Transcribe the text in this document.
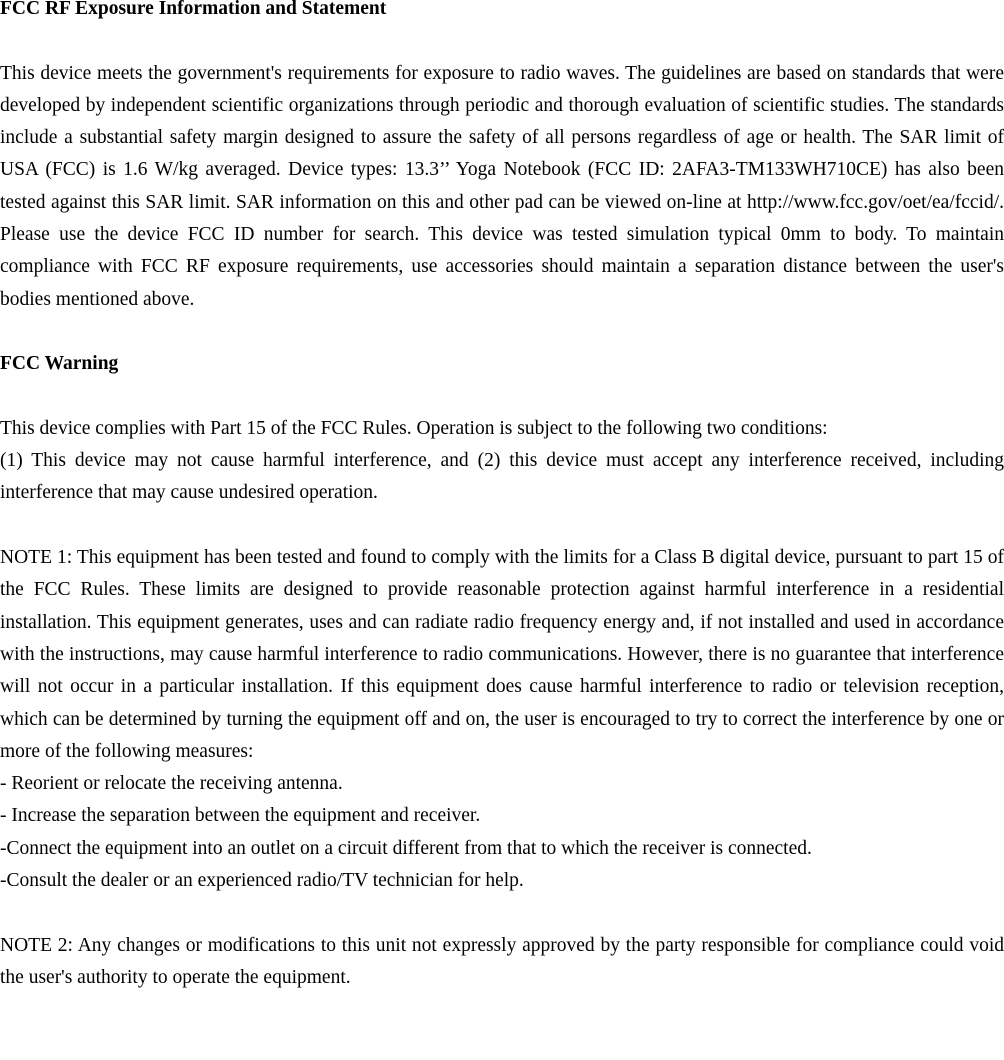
FCC RF Exposure Information and Statement

This device meets the government's requirements for exposure to radio waves. The guidelines are based on standards that were developed by independent scientific organizations through periodic and thorough evaluation of scientific studies. The standards include a substantial safety margin designed to assure the safety of all persons regardless of age or health. The SAR limit of USA (FCC) is 1.6 W/kg averaged. Device types: 13.3’’ Yoga Notebook (FCC ID: 2AFA3-TM133WH710CE) has also been tested against this SAR limit. SAR information on this and other pad can be viewed on‐line at http://www.fcc.gov/oet/ea/fccid/. Please use the device FCC ID number for search. This device was tested simulation typical 0mm to body. To maintain compliance with FCC RF exposure requirements, use accessories should maintain a separation distance between the user's bodies mentioned above.

FCC Warning

This device complies with Part 15 of the FCC Rules. Operation is subject to the following two conditions:

(1) This device may not cause harmful interference, and (2) this device must accept any interference received, including interference that may cause undesired operation.

NOTE 1: This equipment has been tested and found to comply with the limits for a Class B digital device, pursuant to part 15 of the FCC Rules. These limits are designed to provide reasonable protection against harmful interference in a residential installation. This equipment generates, uses and can radiate radio frequency energy and, if not installed and used in accordance with the instructions, may cause harmful interference to radio communications. However, there is no guarantee that interference will not occur in a particular installation. If this equipment does cause harmful interference to radio or television reception, which can be determined by turning the equipment off and on, the user is encouraged to try to correct the interference by one or more of the following measures:

- Reorient or relocate the receiving antenna.

- Increase the separation between the equipment and receiver.

-Connect the equipment into an outlet on a circuit different from that to which the receiver is connected.

-Consult the dealer or an experienced radio/TV technician for help.

NOTE 2: Any changes or modifications to this unit not expressly approved by the party responsible for compliance could void the user's authority to operate the equipment.
